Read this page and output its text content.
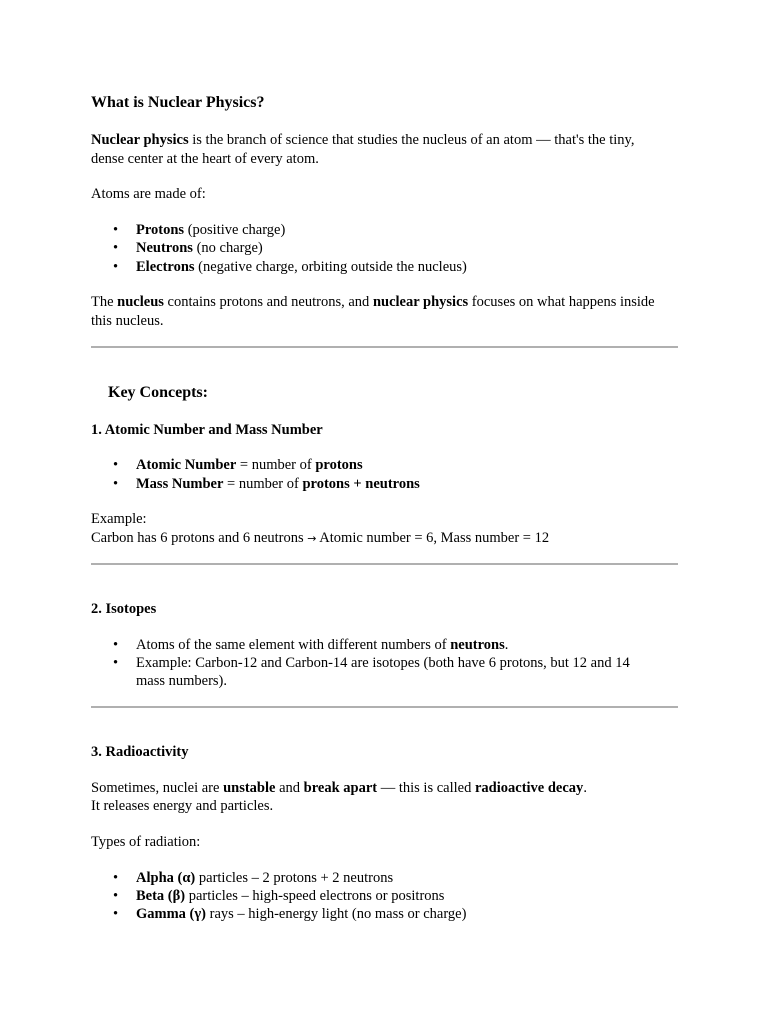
What is Nuclear Physics?
Nuclear physics is the branch of science that studies the nucleus of an atom — that's the tiny,
dense center at the heart of every atom.
Atoms are made of:
• Protons (positive charge)
• Neutrons (no charge)
• Electrons (negative charge, orbiting outside the nucleus)
The nucleus contains protons and neutrons, and nuclear physics focuses on what happens inside
this nucleus.
Key Concepts:
1. Atomic Number and Mass Number
• Atomic Number = number of protons
• Mass Number = number of protons + neutrons
Example:
Carbon has 6 protons and 6 neutrons → Atomic number = 6, Mass number = 12
2. Isotopes
• Atoms of the same element with different numbers of neutrons.
• Example: Carbon-12 and Carbon-14 are isotopes (both have 6 protons, but 12 and 14
mass numbers).
3. Radioactivity
Sometimes, nuclei are unstable and break apart — this is called radioactive decay.
It releases energy and particles.
Types of radiation:
• Alpha (α) particles – 2 protons + 2 neutrons
• Beta (β) particles – high-speed electrons or positrons
• Gamma (γ) rays – high-energy light (no mass or charge)
